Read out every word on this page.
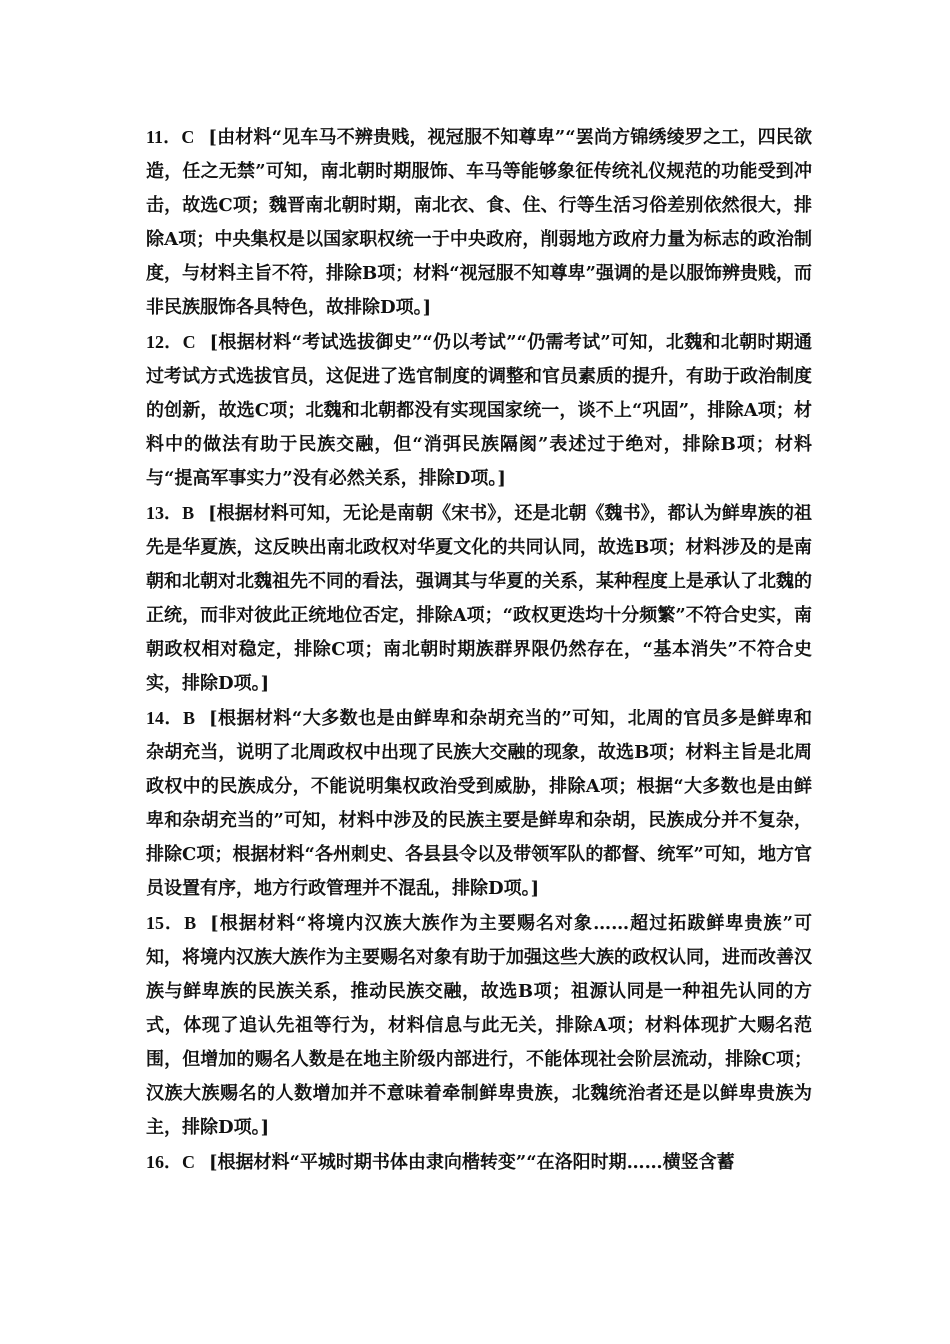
11．C [由材料“见车马不辨贵贱，视冠服不知尊卑”“罢尚方锦绣绫罗之工，四民欲造，任之无禁”可知，南北朝时期服饰、车马等能够象征传统礼仪规范的功能受到冲击，故选C项；魏晋南北朝时期，南北衣、食、住、行等生活习俗差别依然很大，排除A项；中央集权是以国家职权统一于中央政府，削弱地方政府力量为标志的政治制度，与材料主旨不符，排除B项；材料“视冠服不知尊卑”强调的是以服饰辨贵贱，而非民族服饰各具特色，故排除D项。]

12．C [根据材料“考试选拔御史”“仍以考试”“仍需考试”可知，北魏和北朝时期通过考试方式选拔官员，这促进了选官制度的调整和官员素质的提升，有助于政治制度的创新，故选C项；北魏和北朝都没有实现国家统一，谈不上“巩固”，排除A项；材料中的做法有助于民族交融，但“消弭民族隔阂”表述过于绝对，排除B项；材料与“提高军事实力”没有必然关系，排除D项。]

13．B [根据材料可知，无论是南朝《宋书》，还是北朝《魏书》，都认为鲜卑族的祖先是华夏族，这反映出南北政权对华夏文化的共同认同，故选B项；材料涉及的是南朝和北朝对北魏祖先不同的看法，强调其与华夏的关系，某种程度上是承认了北魏的正统，而非对彼此正统地位否定，排除A项；“政权更迭均十分频繁”不符合史实，南朝政权相对稳定，排除C项；南北朝时期族群界限仍然存在，“基本消失”不符合史实，排除D项。]

14．B [根据材料“大多数也是由鲜卑和杂胡充当的”可知，北周的官员多是鲜卑和杂胡充当，说明了北周政权中出现了民族大交融的现象，故选B项；材料主旨是北周政权中的民族成分，不能说明集权政治受到威胁，排除A项；根据“大多数也是由鲜卑和杂胡充当的”可知，材料中涉及的民族主要是鲜卑和杂胡，民族成分并不复杂，排除C项；根据材料“各州刺史、各县县令以及带领军队的都督、统军”可知，地方官员设置有序，地方行政管理并不混乱，排除D项。]

15．B [根据材料“将境内汉族大族作为主要赐名对象……超过拓跋鲜卑贵族”可知，将境内汉族大族作为主要赐名对象有助于加强这些大族的政权认同，进而改善汉族与鲜卑族的民族关系，推动民族交融，故选B项；祖源认同是一种祖先认同的方式，体现了追认先祖等行为，材料信息与此无关，排除A项；材料体现扩大赐名范围，但增加的赐名人数是在地主阶级内部进行，不能体现社会阶层流动，排除C项；汉族大族赐名的人数增加并不意味着牵制鲜卑贵族，北魏统治者还是以鲜卑贵族为主，排除D项。]

16．C [根据材料“平城时期书体由隶向楷转变”“在洛阳时期……横竖含蓄
